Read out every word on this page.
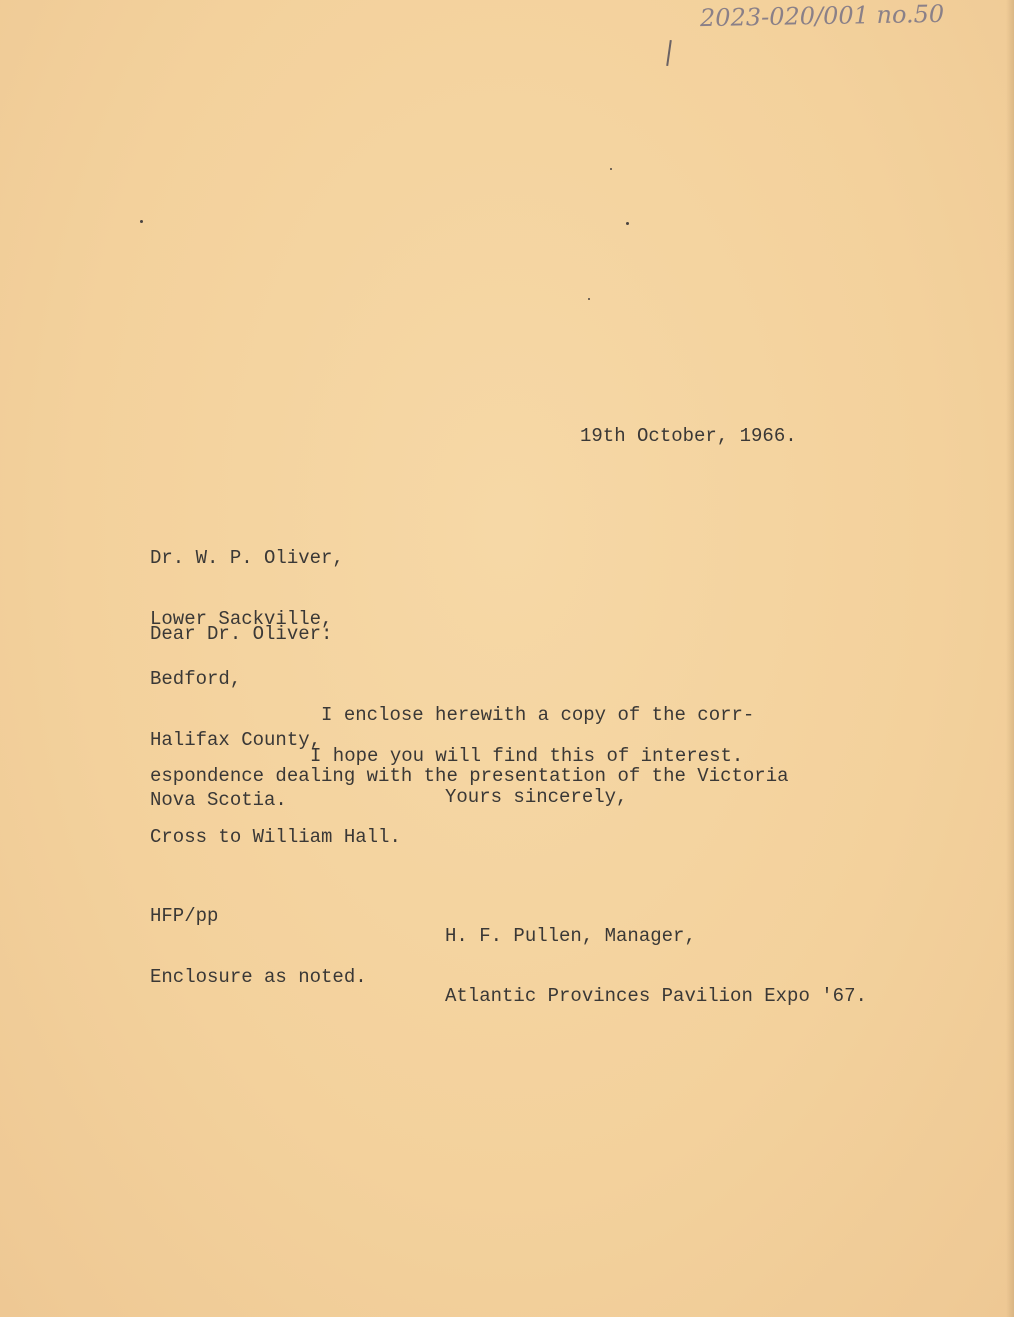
2023-020/001 no.50
19th October, 1966.

Dr. W. P. Oliver,

Lower Sackville,

Bedford,

Halifax County,

Nova Scotia.

Dear Dr. Oliver:

I enclose herewith a copy of the corr-

espondence dealing with the presentation of the Victoria

Cross to William Hall.

I hope you will find this of interest.
Yours sincerely,

H. F. Pullen, Manager,

Atlantic Provinces Pavilion Expo '67.

HFP/pp
Enclosure as noted.
